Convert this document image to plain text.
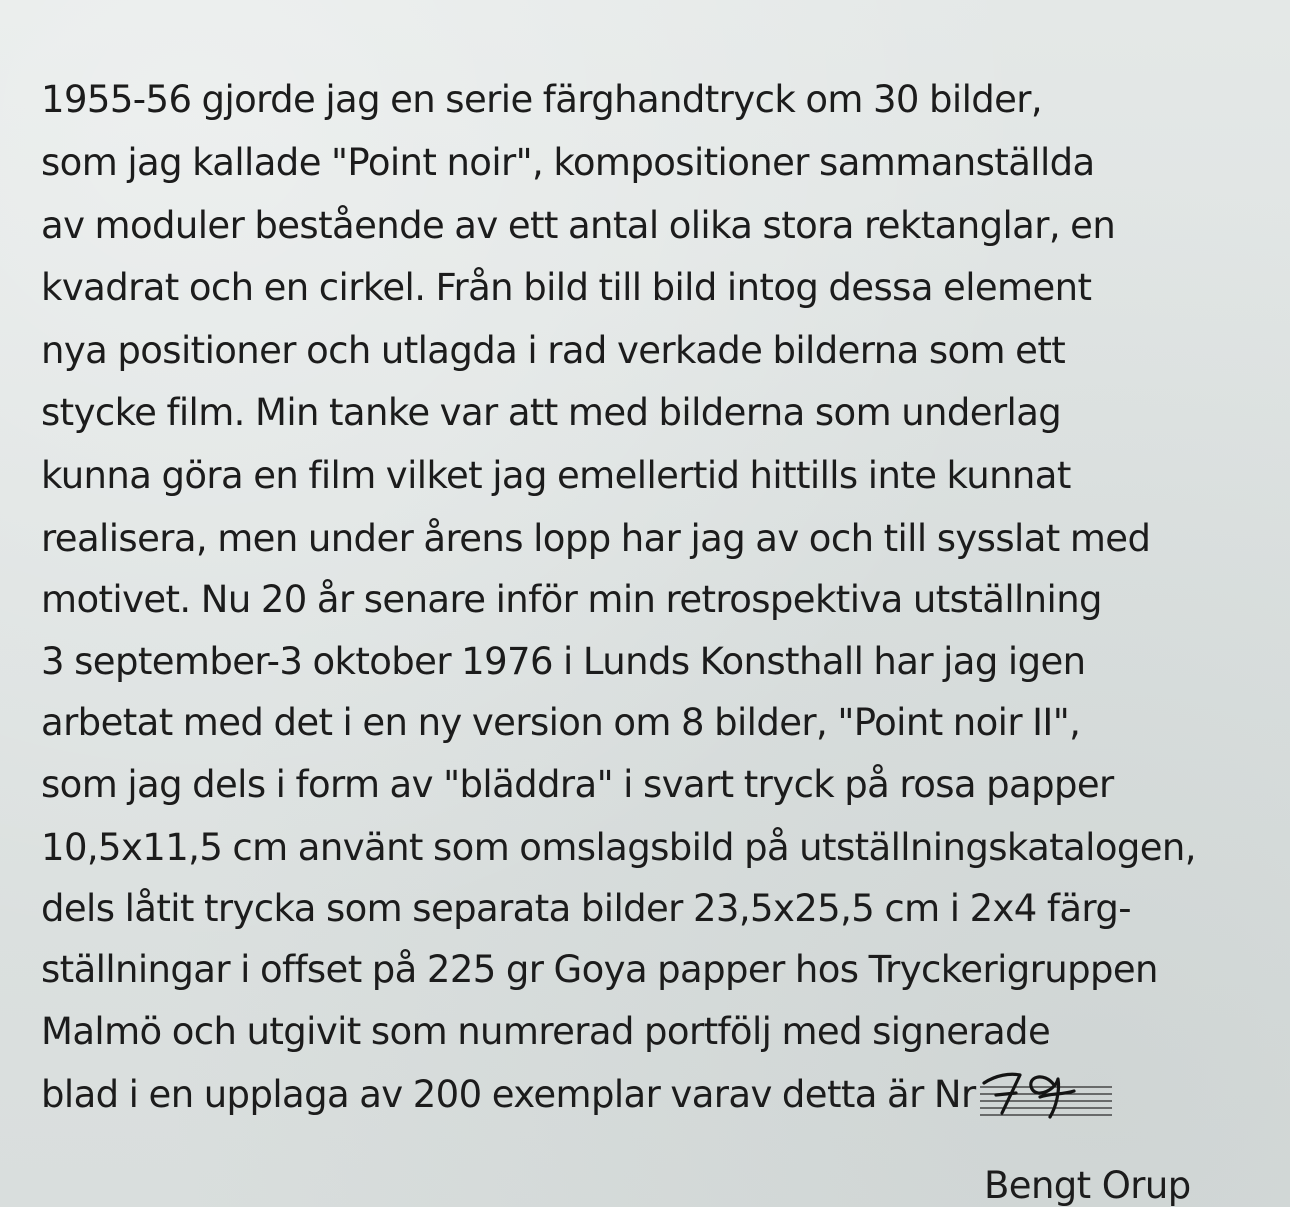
1955-56 gjorde jag en serie färghandtryck om 30 bilder,
som jag kallade "Point noir", kompositioner sammanställda
av moduler bestående av ett antal olika stora rektanglar, en
kvadrat och en cirkel. Från bild till bild intog dessa element
nya positioner och utlagda i rad verkade bilderna som ett
stycke film. Min tanke var att med bilderna som underlag
kunna göra en film vilket jag emellertid hittills inte kunnat
realisera, men under årens lopp har jag av och till sysslat med
motivet. Nu 20 år senare inför min retrospektiva utställning
3 september-3 oktober 1976 i Lunds Konsthall har jag igen
arbetat med det i en ny version om 8 bilder, "Point noir II",
som jag dels i form av "bläddra" i svart tryck på rosa papper
10,5x11,5 cm använt som omslagsbild på utställningskatalogen,
dels låtit trycka som separata bilder 23,5x25,5 cm i 2x4 färg-
ställningar i offset på 225 gr Goya papper hos Tryckerigruppen
Malmö och utgivit som numrerad portfölj med signerade
blad i en upplaga av 200 exemplar varav detta är Nr
Bengt Orup
